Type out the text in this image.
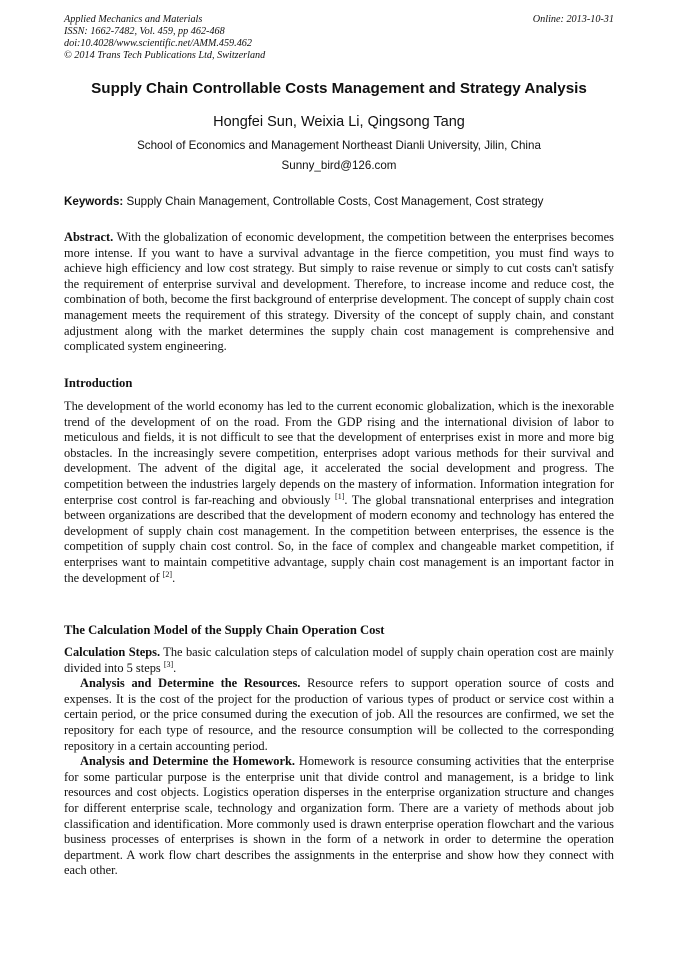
Applied Mechanics and Materials
ISSN: 1662-7482, Vol. 459, pp 462-468
doi:10.4028/www.scientific.net/AMM.459.462
© 2014 Trans Tech Publications Ltd, Switzerland
Online: 2013-10-31
Supply Chain Controllable Costs Management and Strategy Analysis
Hongfei Sun, Weixia Li, Qingsong Tang
School of Economics and Management Northeast Dianli University, Jilin, China
Sunny_bird@126.com
Keywords: Supply Chain Management, Controllable Costs, Cost Management, Cost strategy

Abstract. With the globalization of economic development, the competition between the enterprises becomes more intense. If you want to have a survival advantage in the fierce competition, you must find ways to achieve high efficiency and low cost strategy. But simply to raise revenue or simply to cut costs can't satisfy the requirement of enterprise survival and development. Therefore, to increase income and reduce cost, the combination of both, become the first background of enterprise development. The concept of supply chain cost management meets the requirement of this strategy. Diversity of the concept of supply chain, and constant adjustment along with the market determines the supply chain cost management is comprehensive and complicated system engineering.

Introduction

The development of the world economy has led to the current economic globalization, which is the inexorable trend of the development of on the road. From the GDP rising and the international division of labor to meticulous and fields, it is not difficult to see that the development of enterprises exist in more and more big obstacles. In the increasingly severe competition, enterprises adopt various methods for their survival and development. The advent of the digital age, it accelerated the social development and progress. The competition between the industries largely depends on the mastery of information. Information integration for enterprise cost control is far-reaching and obviously [1]. The global transnational enterprises and integration between organizations are described that the development of modern economy and technology has entered the development of supply chain cost management. In the competition between enterprises, the essence is the competition of supply chain cost control. So, in the face of complex and changeable market competition, if enterprises want to maintain competitive advantage, supply chain cost management is an important factor in the development of [2].

The Calculation Model of the Supply Chain Operation Cost

Calculation Steps. The basic calculation steps of calculation model of supply chain operation cost are mainly divided into 5 steps [3].

Analysis and Determine the Resources. Resource refers to support operation source of costs and expenses. It is the cost of the project for the production of various types of product or service cost within a certain period, or the price consumed during the execution of job. All the resources are confirmed, we set the repository for each type of resource, and the resource consumption will be collected to the corresponding repository in a certain accounting period.

Analysis and Determine the Homework. Homework is resource consuming activities that the enterprise for some particular purpose is the enterprise unit that divide control and management, is a bridge to link resources and cost objects. Logistics operation disperses in the enterprise organization structure and changes for different enterprise scale, technology and organization form. There are a variety of methods about job classification and identification. More commonly used is drawn enterprise operation flowchart and the various business processes of enterprises is shown in the form of a network in order to determine the operation department. A work flow chart describes the assignments in the enterprise and show how they connect with each other.
